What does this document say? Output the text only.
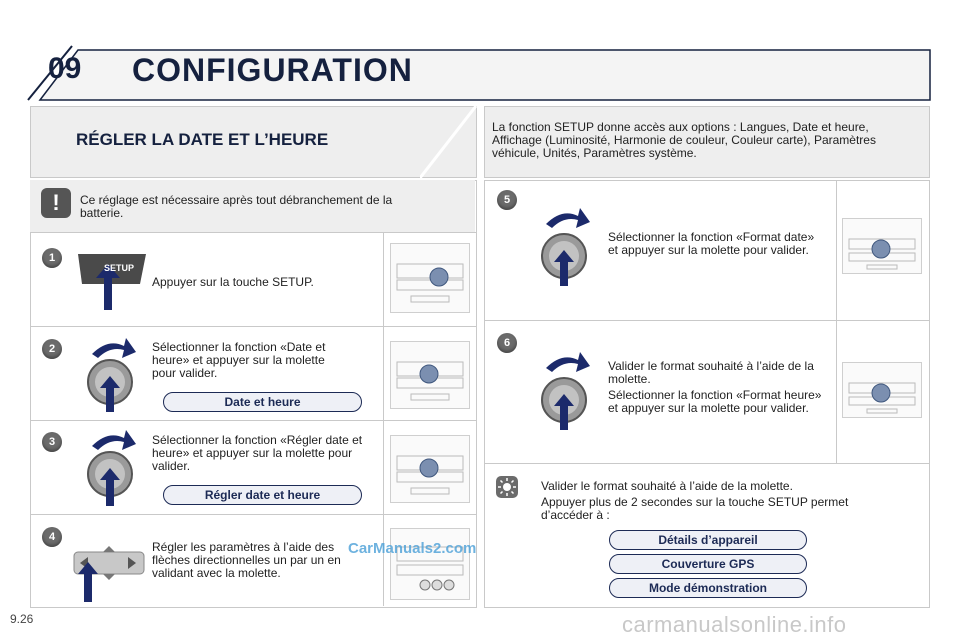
09 CONFIGURATION
RÉGLER LA DATE ET L’HEURE
La fonction SETUP donne accès aux options : Langues, Date et heure, Affichage (Luminosité, Harmonie de couleur, Couleur carte), Paramètres véhicule, Unités, Paramètres système.
!	Ce réglage est nécessaire après tout débranchement de la batterie.
1
SETUP
Appuyer sur la touche SETUP.
2	Sélectionner la fonction «Date et heure» et appuyer sur la molette pour valider.
Date et heure
3	Sélectionner la fonction «Régler date et heure» et appuyer sur la molette pour valider.
Régler date et heure
4
Régler les paramètres à l’aide des flèches directionnelles un par un en validant avec la molette.
CarManuals2.com
5
Sélectionner la fonction «Format date» et appuyer sur la molette pour valider.
6
Valider le format souhaité à l’aide de la molette.
Sélectionner la fonction «Format heure» et appuyer sur la molette pour valider.
Valider le format souhaité à l’aide de la molette.
Appuyer plus de 2 secondes sur la touche SETUP permet d’accéder à :
Détails d’appareil
Couverture GPS
Mode démonstration
9.26	carmanualsonline.info
